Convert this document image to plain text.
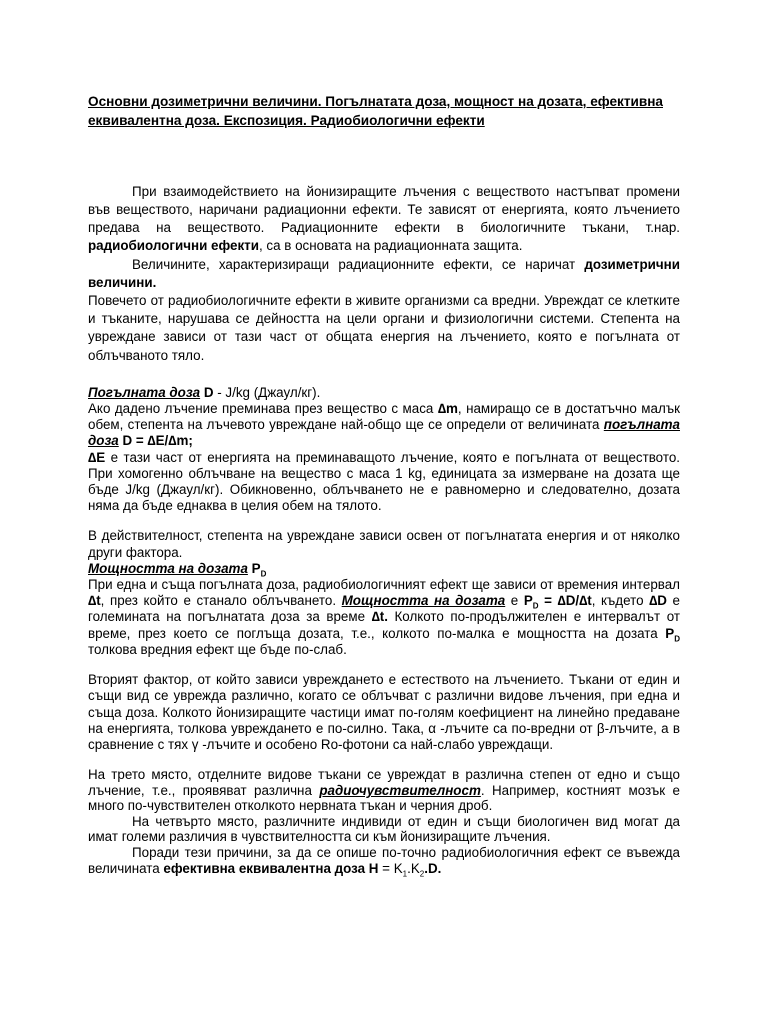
Основни дозиметрични величини. Погълнатата доза, мощност на дозата, ефективна еквивалентна доза. Експозиция. Радиобиологични ефекти

При взаимодействието на йонизиращите лъчения с веществото настъпват промени във веществото, наричани радиационни ефекти. Те зависят от енергията, която лъчението предава на веществото. Радиационните ефекти в биологичните тъкани, т.нар. радиобиологични ефекти, са в основата на радиационната защита.

Величините, характеризиращи радиационните ефекти, се наричат дозиметрични величини.

Повечето от радиобиологичните ефекти в живите организми са вредни. Увреждат се клетките и тъканите, нарушава се дейността на цели органи и физиологични системи. Степента на увреждане зависи от тази част от общата енергия на лъчението, която е погълната от облъчваното тяло.

Погълната доза D - J/kg (Джаул/кг).

Ако дадено лъчение преминава през вещество с маса ∆m, намиращо се в достатъчно малък обем, степента на лъчевото увреждане най-общо ще се определи от величината погълната доза D = ∆E/∆m;

∆E е тази част от енергията на преминаващото лъчение, която е погълната от веществото. При хомогенно облъчване на вещество с маса 1 kg, единицата за измерване на дозата ще бъде J/kg (Джаул/кг). Обикновенно, облъчването не е равномерно и следователно, дозата няма да бъде еднаква в целия обем на тялото.

В действителност, степента на увреждане зависи освен от погълнатата енергия и от няколко други фактора.

Мощността на дозата $P_D$

При една и съща погълната доза, радиобиологичният ефект ще зависи от времения интервал ∆t, през който е станало облъчването. Мощността на дозата е $P_D = \Delta D/\Delta t$, където ∆D е големината на погълнатата доза за време ∆t. Колкото по-продължителен е интервалът от време, през което се поглъща дозата, т.е., колкото по-малка е мощността на дозата $P_D$ толкова вредния ефект ще бъде по-слаб.

Вторият фактор, от който зависи увреждането е естеството на лъчението. Тъкани от един и същи вид се уврежда различно, когато се облъчват с различни видове лъчения, при една и съща доза. Колкото йонизиращите частици имат по-голям коефициент на линейно предаване на енергията, толкова увреждането е по-силно. Така, α -лъчите са по-вредни от β-лъчите, а в сравнение с тях γ -лъчите и особено Ro-фотони са най-слабо увреждащи.

На трето място, отделните видове тъкани се увреждат в различна степен от едно и също лъчение, т.е., проявяват различна радиочувствителност. Например, костният мозък е много по-чувствителен отколкото нервната тъкан и черния дроб.

На четвърто място, различните индивиди от един и същи биологичен вид могат да имат големи различия в чувствителността си към йонизиращите лъчения.

Поради тези причини, за да се опише по-точно радиобиологичния ефект се въвежда величината ефективна еквивалентна доза $H = K_1.K_2.D$.
